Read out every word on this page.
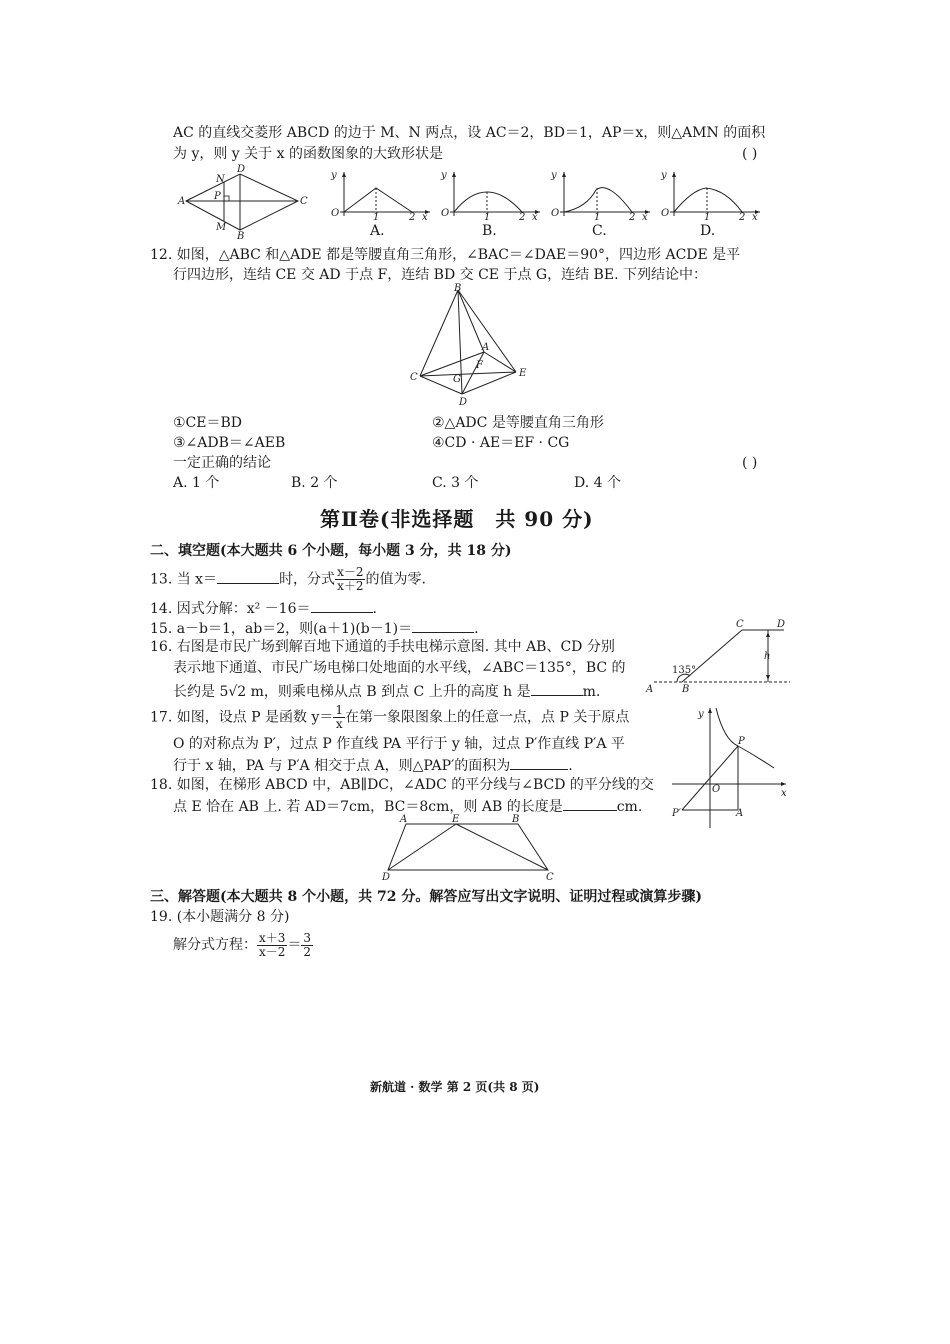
AC 的直线交菱形 ABCD 的边于 M、N 两点，设 AC＝2，BD＝1，AP＝x，则△AMN 的面积
为 y，则 y 关于 x 的函数图象的大致形状是	( )
A
B
C
D
N
M
P
y
O	1	2 x
y
O	1	2 x
y
O	1	2 x
y
O	1	2 x
A.	B.	C.	D.
12. 如图，△ABC 和△ADE 都是等腰直角三角形，∠BAC＝∠DAE＝90°，四边形 ACDE 是平
行四边形，连结 CE 交 AD 于点 F，连结 BD 交 CE 于点 G，连结 BE. 下列结论中：
B
A
F
C	G
E
D
①CE＝BD	②△ADC 是等腰直角三角形
③∠ADB＝∠AEB	④CD · AE＝EF · CG
一定正确的结论	( )
A. 1 个	B. 2 个	C. 3 个	D. 4 个
第Ⅱ卷(非选择题　共 90 分)
二、填空题(本大题共 6 个小题，每小题 3 分，共 18 分)
13. 当 x＝	时，分式 $\frac{x-2}{x+2}$ 的值为零.
14. 因式分解：x² －16＝	.
15. a－b＝1，ab＝2，则(a＋1)(b－1)＝	.
16. 右图是市民广场到解百地下通道的手扶电梯示意图. 其中 AB、CD 分别
表示地下通道、市民广场电梯口处地面的水平线，∠ABC＝135°，BC 的
长约是 5√2 m，则乘电梯从点 B 到点 C 上升的高度 h 是	m.
C	D
h
135°
A	B
17. 如图，设点 P 是函数 $y= \frac{1}{x}$ 在第一象限图象上的任意一点，点 P 关于原点
O 的对称点为 P′，过点 P 作直线 PA 平行于 y 轴，过点 P′作直线 P′A 平
行于 x 轴，PA 与 P′A 相交于点 A，则△PAP′的面积为	.
y
P
O	x
P′	A
18. 如图，在梯形 ABCD 中，AB∥DC，∠ADC 的平分线与∠BCD 的平分线的交
点 E 恰在 AB 上. 若 AD＝7cm，BC＝8cm，则 AB 的长度是	cm.
A	E	B
D	C
三、解答题(本大题共 8 个小题，共 72 分。解答应写出文字说明、证明过程或演算步骤)
19. (本小题满分 8 分)
解分式方程： $\frac{x+3}{x-2} = \frac{3}{2}$
新航道 · 数学 第 2 页(共 8 页)
